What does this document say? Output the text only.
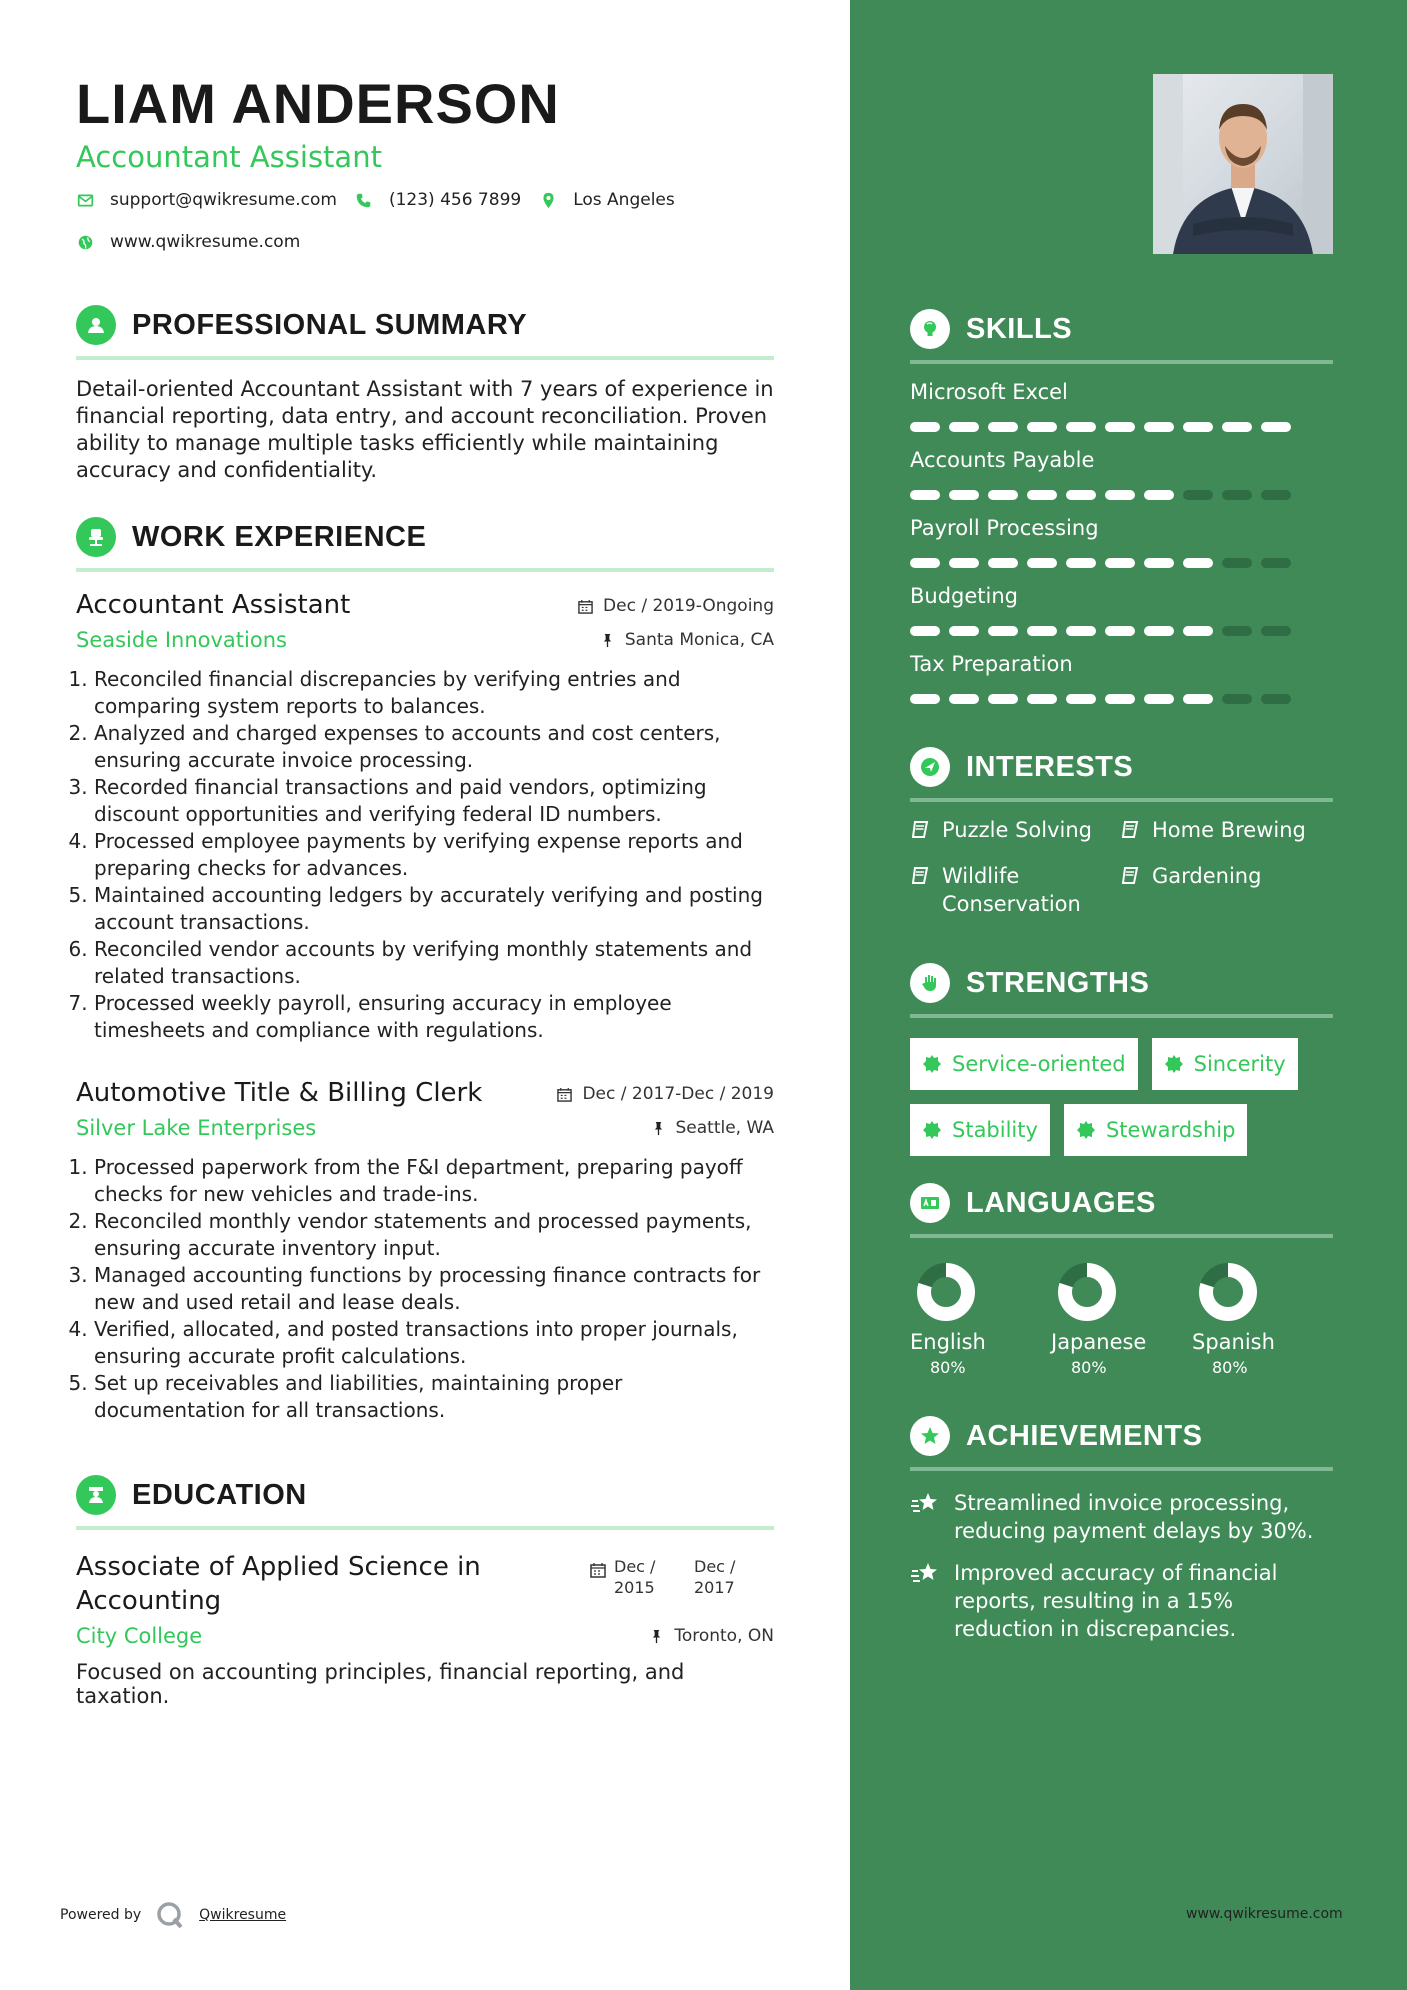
LIAM ANDERSON
Accountant Assistant
support@qwikresume.com	(123) 456 7899	Los Angeles
www.qwikresume.com
PROFESSIONAL SUMMARY
Detail-oriented Accountant Assistant with 7 years of experience in financial reporting, data entry, and account reconciliation. Proven ability to manage multiple tasks efficiently while maintaining accuracy and confidentiality.
WORK EXPERIENCE
Accountant Assistant	Dec / 2019-Ongoing
Seaside Innovations	Santa Monica, CA
1. Reconciled financial discrepancies by verifying entries and comparing system reports to balances.
2. Analyzed and charged expenses to accounts and cost centers, ensuring accurate invoice processing.
3. Recorded financial transactions and paid vendors, optimizing discount opportunities and verifying federal ID numbers.
4. Processed employee payments by verifying expense reports and preparing checks for advances.
5. Maintained accounting ledgers by accurately verifying and posting account transactions.
6. Reconciled vendor accounts by verifying monthly statements and related transactions.
7. Processed weekly payroll, ensuring accuracy in employee timesheets and compliance with regulations.
Automotive Title & Billing Clerk	Dec / 2017-Dec / 2019
Silver Lake Enterprises	Seattle, WA
1. Processed paperwork from the F&I department, preparing payoff checks for new vehicles and trade-ins.
2. Reconciled monthly vendor statements and processed payments, ensuring accurate inventory input.
3. Managed accounting functions by processing finance contracts for new and used retail and lease deals.
4. Verified, allocated, and posted transactions into proper journals, ensuring accurate profit calculations.
5. Set up receivables and liabilities, maintaining proper documentation for all transactions.
EDUCATION
Associate of Applied Science in Accounting
Dec / 2015
Dec / 2017
City College	Toronto, ON
Focused on accounting principles, financial reporting, and taxation.
Powered by	Qwikresume
SKILLS
Microsoft Excel
Accounts Payable
Payroll Processing
Budgeting
Tax Preparation
INTERESTS
Puzzle Solving	Home Brewing
Wildlife Conservation
Gardening
STRENGTHS
Service-oriented	Sincerity
Stability	Stewardship
LANGUAGES
English
80%
Japanese
80%
Spanish
80%
ACHIEVEMENTS
Streamlined invoice processing, reducing payment delays by 30%.
Improved accuracy of financial reports, resulting in a 15% reduction in discrepancies.
www.qwikresume.com
